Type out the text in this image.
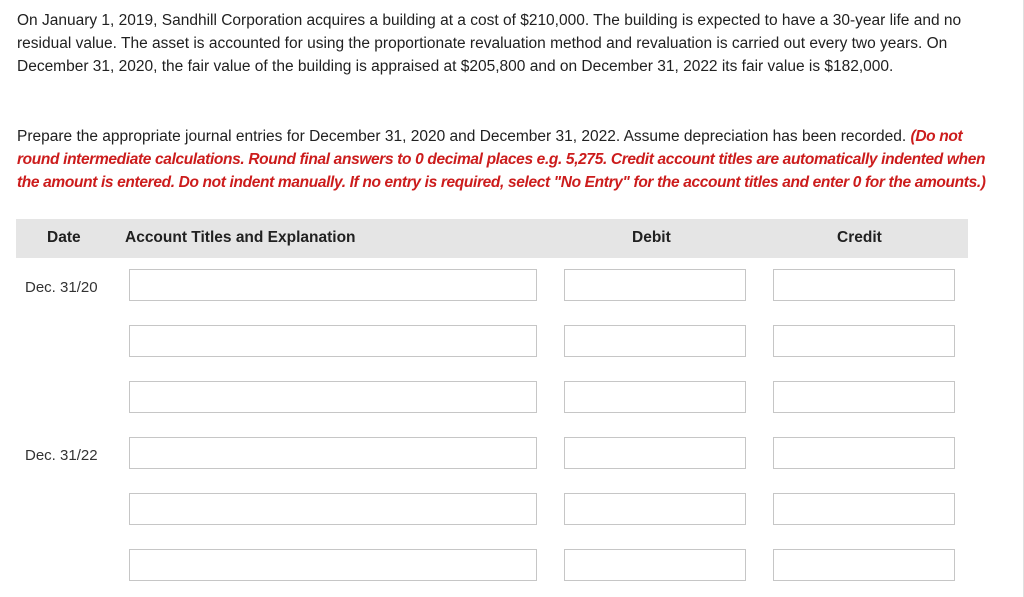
On January 1, 2019, Sandhill Corporation acquires a building at a cost of $210,000. The building is expected to have a 30-year life and no residual value. The asset is accounted for using the proportionate revaluation method and revaluation is carried out every two years. On December 31, 2020, the fair value of the building is appraised at $205,800 and on December 31, 2022 its fair value is $182,000.
Prepare the appropriate journal entries for December 31, 2020 and December 31, 2022. Assume depreciation has been recorded. (Do not round intermediate calculations. Round final answers to 0 decimal places e.g. 5,275. Credit account titles are automatically indented when the amount is entered. Do not indent manually. If no entry is required, select "No Entry" for the account titles and enter 0 for the amounts.)
Date	Account Titles and Explanation	Debit	Credit
Dec. 31/20
Dec. 31/22
